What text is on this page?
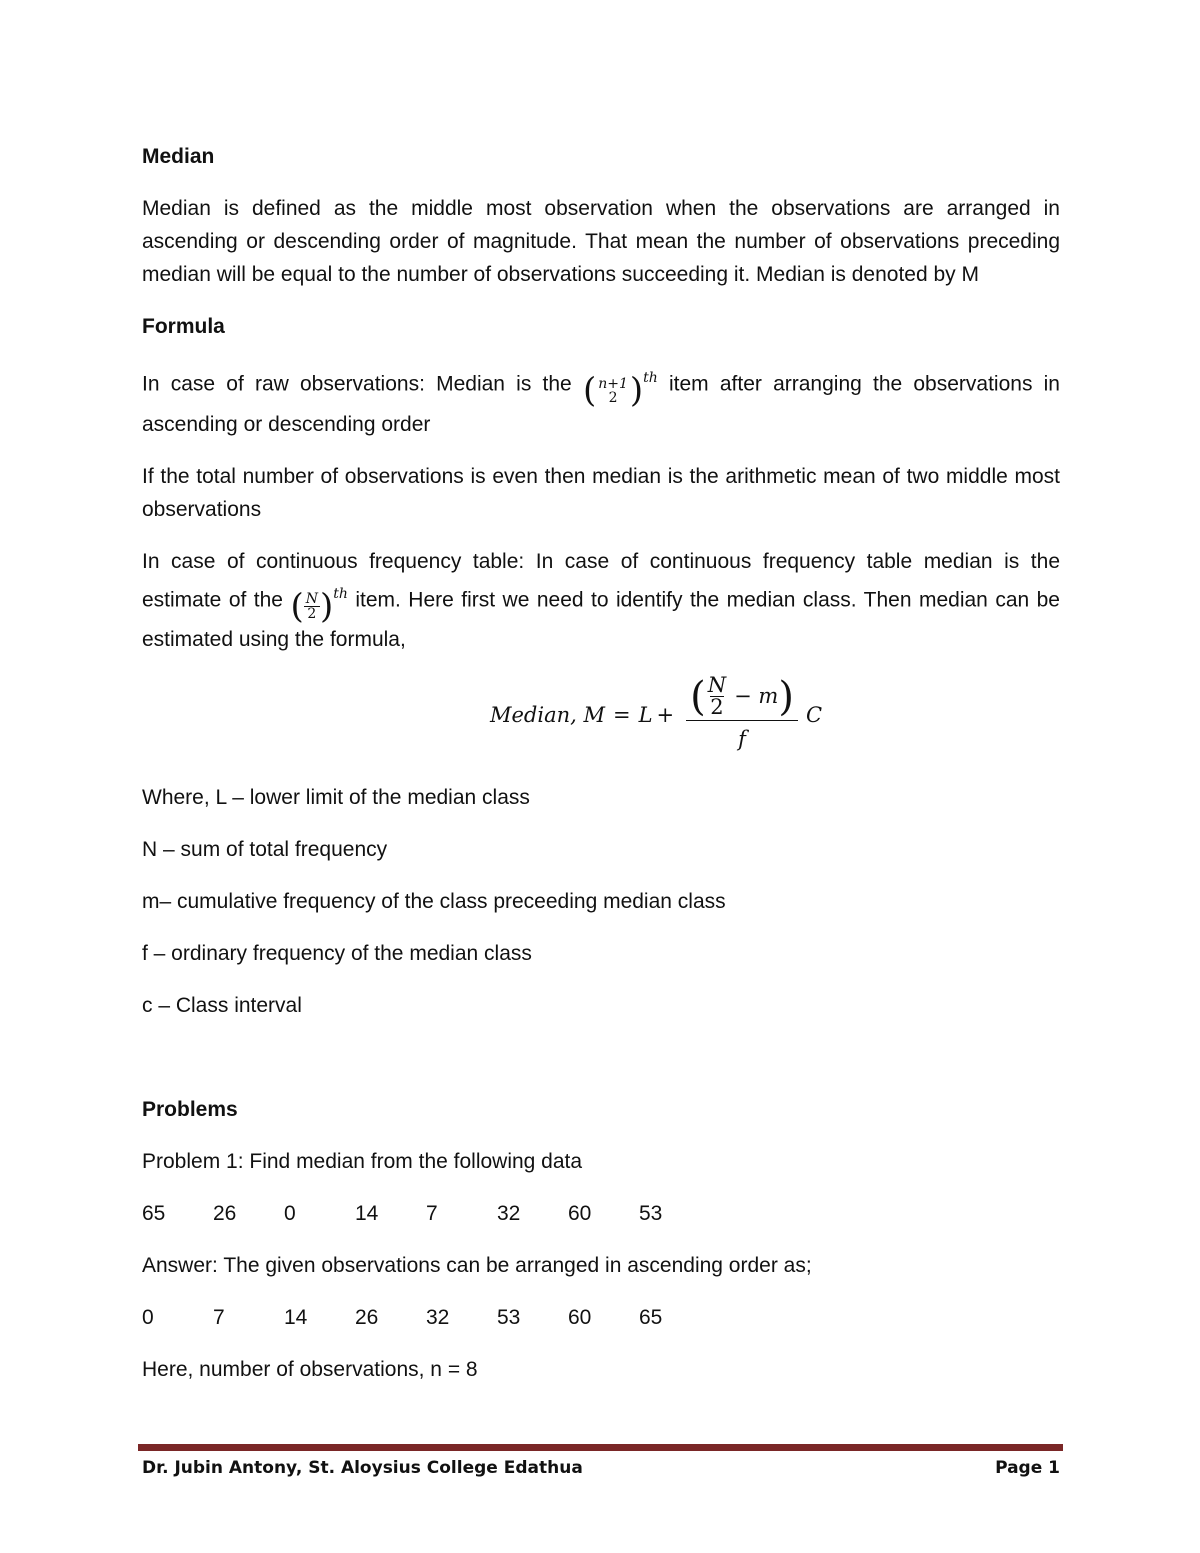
Median

Median is defined as the middle most observation when the observations are arranged in ascending or descending order of magnitude. That mean the number of observations preceding median will be equal to the number of observations succeeding it. Median is denoted by M

Formula

In case of raw observations: Median is the ( n+1
2 )$^{th}$ item after arranging the observations in ascending or descending order

If the total number of observations is even then median is the arithmetic mean of two middle most observations

In case of continuous frequency table: In case of continuous frequency table median is the estimate of the ( $\frac{N}{2} )^{th}$ item. Here first we need to identify the median class. Then median can be estimated using the formula,

Median, M = L + ( N
2 − m )
f C

Where, L – lower limit of the median class

N – sum of total frequency

m– cumulative frequency of the class preceeding median class

f – ordinary frequency of the median class

c – Class interval

Problems

Problem 1: Find median from the following data

65	26	0	14	7	32	60	53

Answer: The given observations can be arranged in ascending order as;

0	7	14	26	32	53	60	65

Here, number of observations, n = 8

Dr. Jubin Antony, St. Aloysius College Edathua	Page 1
